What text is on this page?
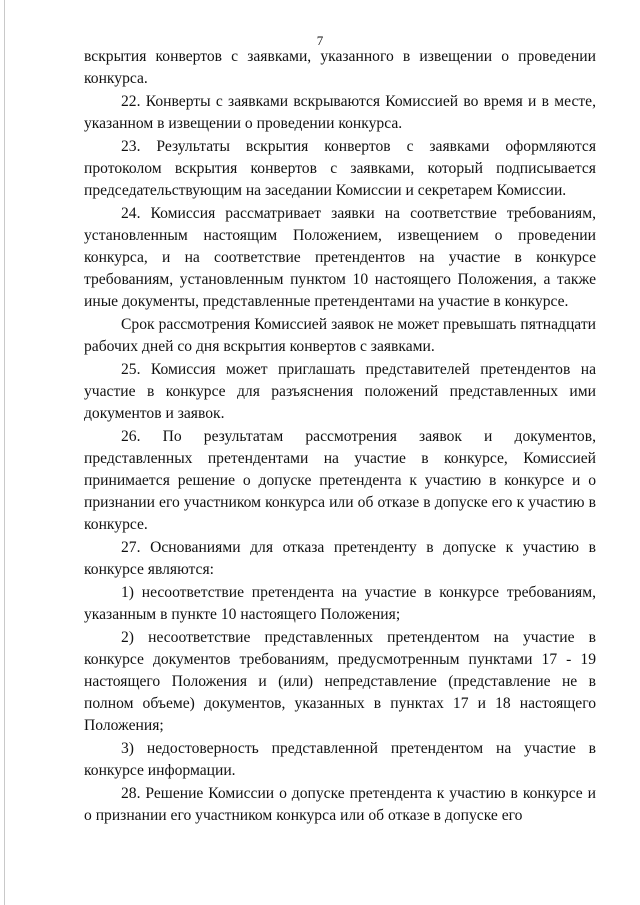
7

вскрытия конвертов с заявками, указанного в извещении о проведении конкурса.

22. Конверты с заявками вскрываются Комиссией во время и в месте, указанном в извещении о проведении конкурса.

23. Результаты вскрытия конвертов с заявками оформляются протоколом вскрытия конвертов с заявками, который подписывается председательствующим на заседании Комиссии и секретарем Комиссии.

24. Комиссия рассматривает заявки на соответствие требованиям, установленным настоящим Положением, извещением о проведении конкурса, и на соответствие претендентов на участие в конкурсе требованиям, установленным пунктом 10 настоящего Положения, а также иные документы, представленные претендентами на участие в конкурсе.

Срок рассмотрения Комиссией заявок не может превышать пятнадцати рабочих дней со дня вскрытия конвертов с заявками.

25. Комиссия может приглашать представителей претендентов на участие в конкурсе для разъяснения положений представленных ими документов и заявок.

26. По результатам рассмотрения заявок и документов, представленных претендентами на участие в конкурсе, Комиссией принимается решение о допуске претендента к участию в конкурсе и о признании его участником конкурса или об отказе в допуске его к участию в конкурсе.

27. Основаниями для отказа претенденту в допуске к участию в конкурсе являются:

1) несоответствие претендента на участие в конкурсе требованиям, указанным в пункте 10 настоящего Положения;

2) несоответствие представленных претендентом на участие в конкурсе документов требованиям, предусмотренным пунктами 17 - 19 настоящего Положения и (или) непредставление (представление не в полном объеме) документов, указанных в пунктах 17 и 18 настоящего Положения;

3) недостоверность представленной претендентом на участие в конкурсе информации.

28. Решение Комиссии о допуске претендента к участию в конкурсе и о признании его участником конкурса или об отказе в допуске его
